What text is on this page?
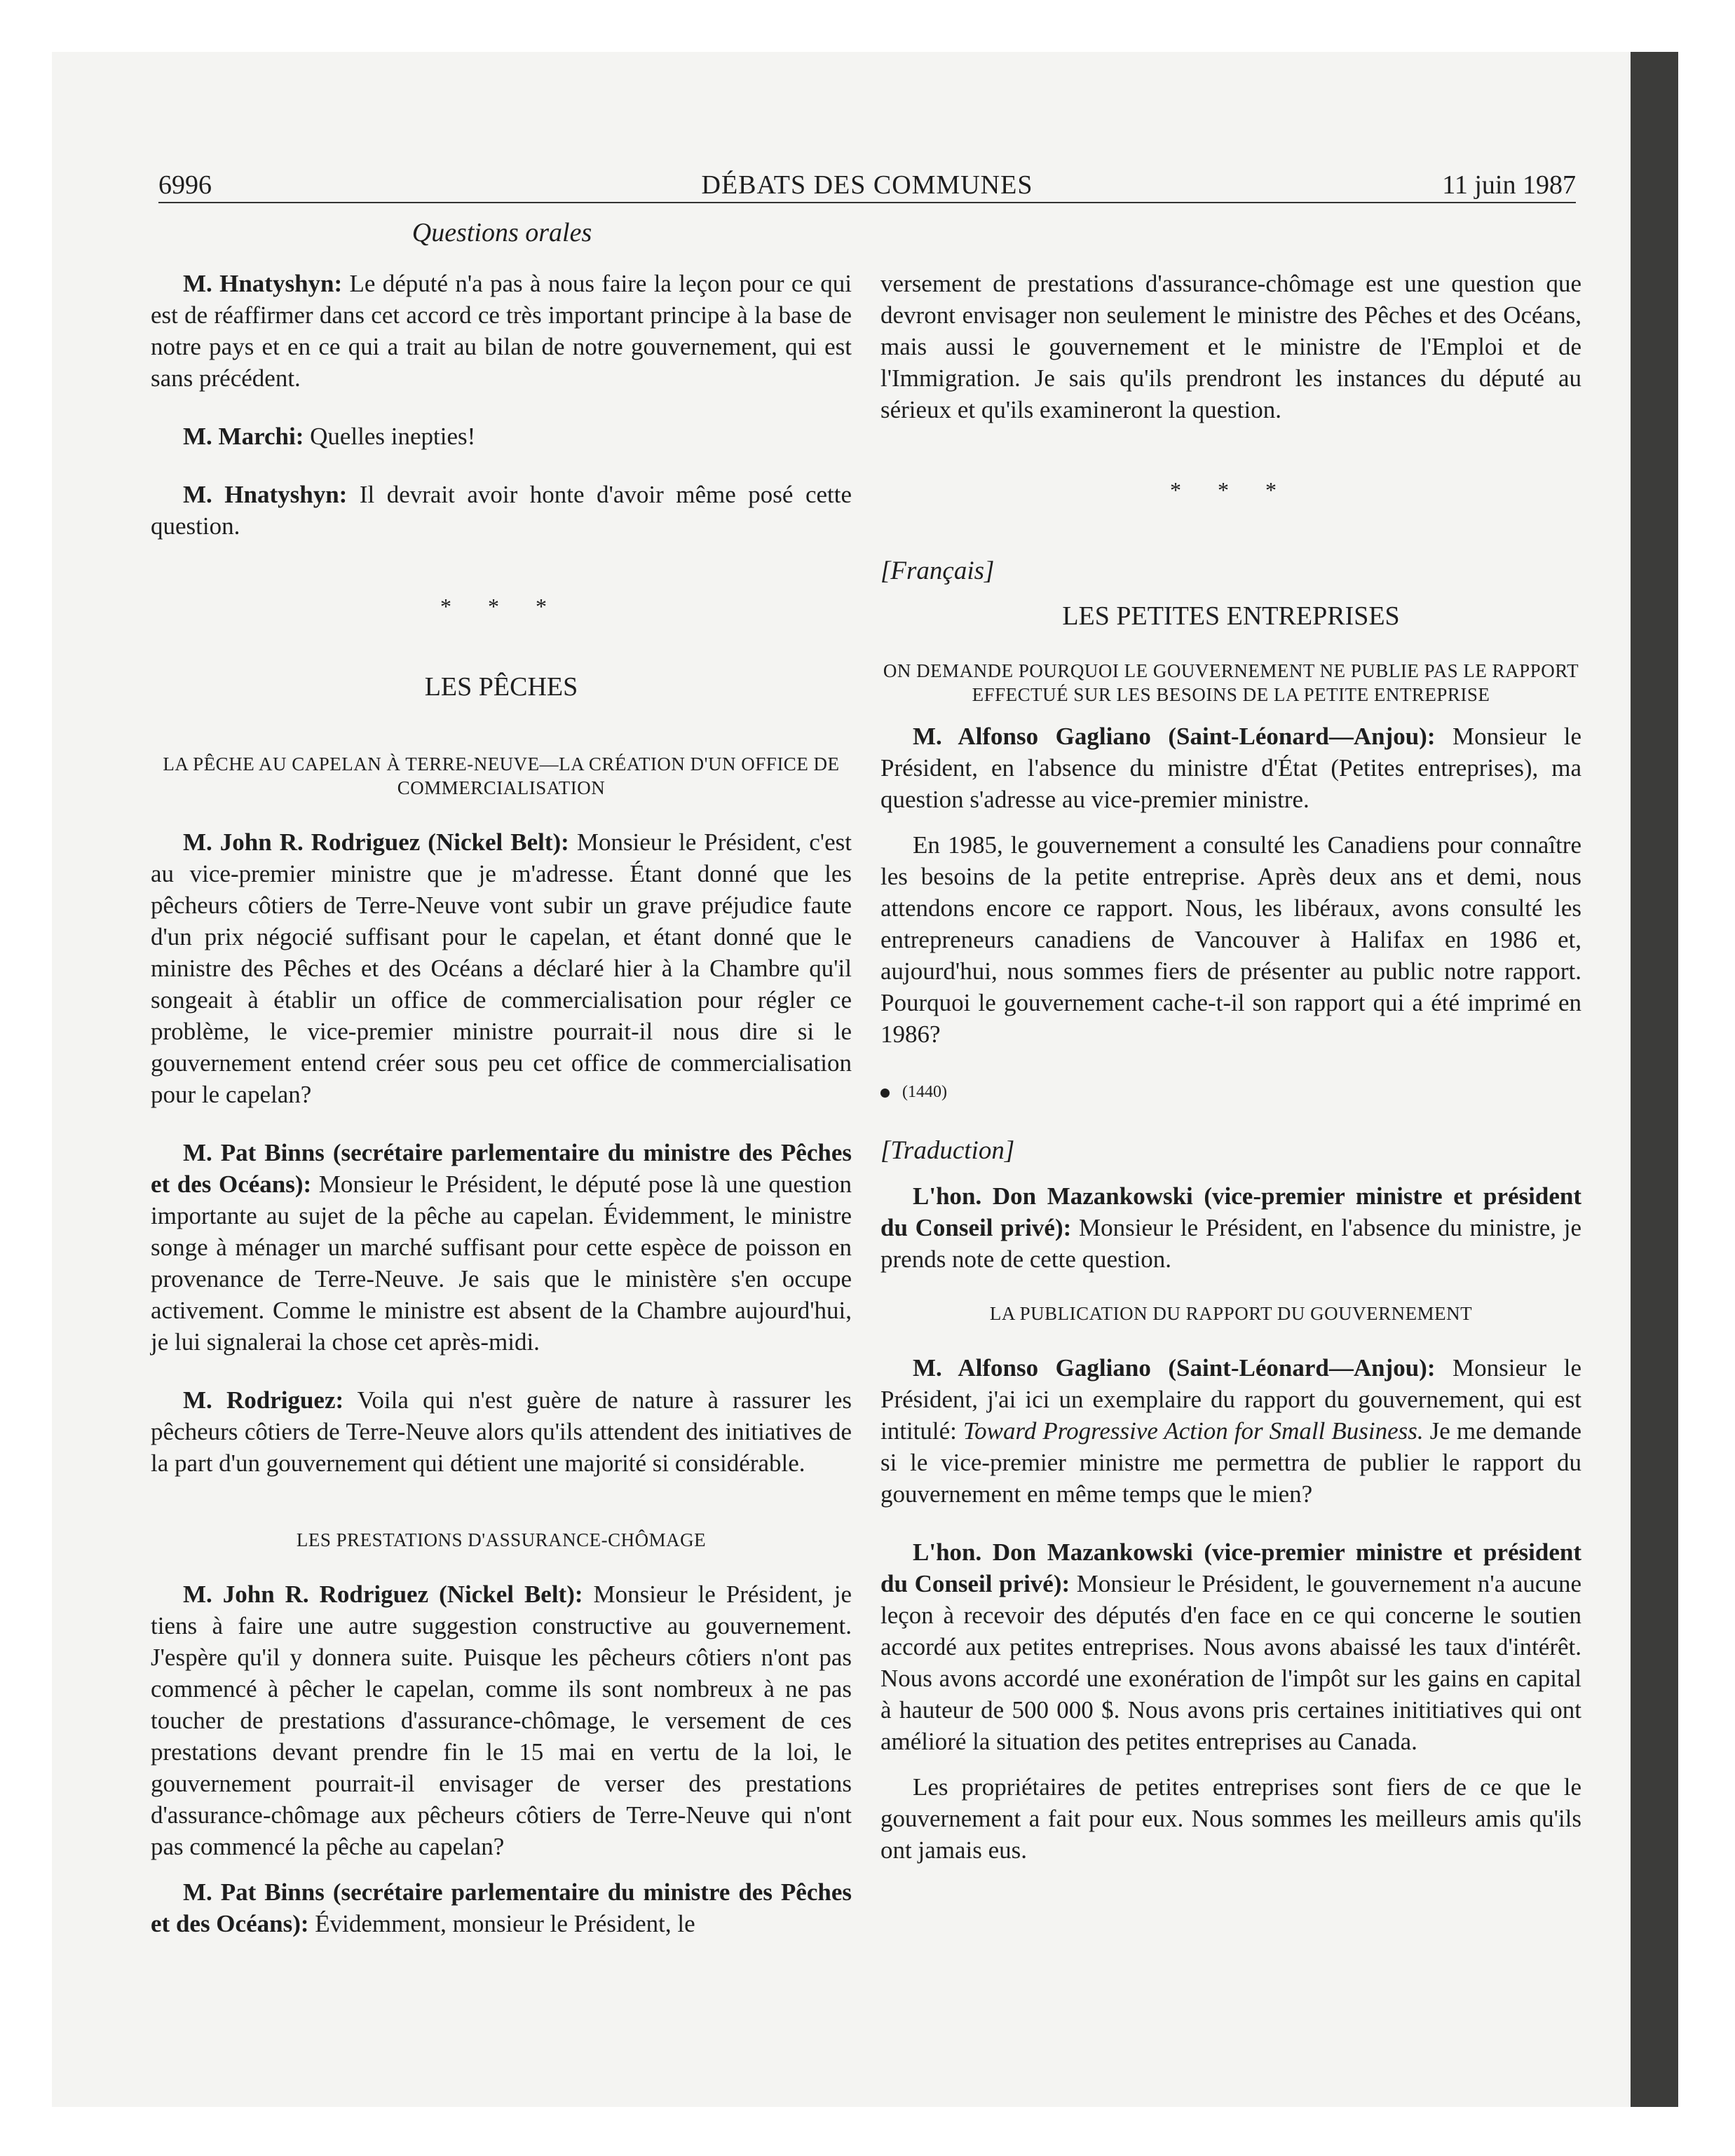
6996	DÉBATS DES COMMUNES	11 juin 1987
Questions orales

M. Hnatyshyn: Le député n'a pas à nous faire la leçon pour ce qui est de réaffirmer dans cet accord ce très important principe à la base de notre pays et en ce qui a trait au bilan de notre gouvernement, qui est sans précédent.

M. Marchi: Quelles inepties!

M. Hnatyshyn: Il devrait avoir honte d'avoir même posé cette question.

* * *

LES PÊCHES

LA PÊCHE AU CAPELAN À TERRE-NEUVE—LA CRÉATION D'UN OFFICE DE COMMERCIALISATION

M. John R. Rodriguez (Nickel Belt): Monsieur le Président, c'est au vice-premier ministre que je m'adresse. Étant donné que les pêcheurs côtiers de Terre-Neuve vont subir un grave préjudice faute d'un prix négocié suffisant pour le capelan, et étant donné que le ministre des Pêches et des Océans a déclaré hier à la Chambre qu'il songeait à établir un office de commercialisation pour régler ce problème, le vice-premier ministre pourrait-il nous dire si le gouvernement entend créer sous peu cet office de commercialisation pour le capelan?

M. Pat Binns (secrétaire parlementaire du ministre des Pêches et des Océans): Monsieur le Président, le député pose là une question importante au sujet de la pêche au capelan. Évidemment, le ministre songe à ménager un marché suffisant pour cette espèce de poisson en provenance de Terre-Neuve. Je sais que le ministère s'en occupe activement. Comme le ministre est absent de la Chambre aujourd'hui, je lui signalerai la chose cet après-midi.

M. Rodriguez: Voila qui n'est guère de nature à rassurer les pêcheurs côtiers de Terre-Neuve alors qu'ils attendent des initiatives de la part d'un gouvernement qui détient une majorité si considérable.

LES PRESTATIONS D'ASSURANCE-CHÔMAGE

M. John R. Rodriguez (Nickel Belt): Monsieur le Président, je tiens à faire une autre suggestion constructive au gouvernement. J'espère qu'il y donnera suite. Puisque les pêcheurs côtiers n'ont pas commencé à pêcher le capelan, comme ils sont nombreux à ne pas toucher de prestations d'assurance-chômage, le versement de ces prestations devant prendre fin le 15 mai en vertu de la loi, le gouvernement pourrait-il envisager de verser des prestations d'assurance-chômage aux pêcheurs côtiers de Terre-Neuve qui n'ont pas commencé la pêche au capelan?

M. Pat Binns (secrétaire parlementaire du ministre des Pêches et des Océans): Évidemment, monsieur le Président, le

versement de prestations d'assurance-chômage est une question que devront envisager non seulement le ministre des Pêches et des Océans, mais aussi le gouvernement et le ministre de l'Emploi et de l'Immigration. Je sais qu'ils prendront les instances du député au sérieux et qu'ils examineront la question.

* * *

[Français]

LES PETITES ENTREPRISES

ON DEMANDE POURQUOI LE GOUVERNEMENT NE PUBLIE PAS LE RAPPORT EFFECTUÉ SUR LES BESOINS DE LA PETITE ENTREPRISE

M. Alfonso Gagliano (Saint-Léonard—Anjou): Monsieur le Président, en l'absence du ministre d'État (Petites entreprises), ma question s'adresse au vice-premier ministre.

En 1985, le gouvernement a consulté les Canadiens pour connaître les besoins de la petite entreprise. Après deux ans et demi, nous attendons encore ce rapport. Nous, les libéraux, avons consulté les entrepreneurs canadiens de Vancouver à Halifax en 1986 et, aujourd'hui, nous sommes fiers de présenter au public notre rapport. Pourquoi le gouvernement cache-t-il son rapport qui a été imprimé en 1986?

(1440)

[Traduction]

L'hon. Don Mazankowski (vice-premier ministre et président du Conseil privé): Monsieur le Président, en l'absence du ministre, je prends note de cette question.

LA PUBLICATION DU RAPPORT DU GOUVERNEMENT

M. Alfonso Gagliano (Saint-Léonard—Anjou): Monsieur le Président, j'ai ici un exemplaire du rapport du gouvernement, qui est intitulé: Toward Progressive Action for Small Business. Je me demande si le vice-premier ministre me permettra de publier le rapport du gouvernement en même temps que le mien?

L'hon. Don Mazankowski (vice-premier ministre et président du Conseil privé): Monsieur le Président, le gouvernement n'a aucune leçon à recevoir des députés d'en face en ce qui concerne le soutien accordé aux petites entreprises. Nous avons abaissé les taux d'intérêt. Nous avons accordé une exonération de l'impôt sur les gains en capital à hauteur de 500 000 $. Nous avons pris certaines inititiatives qui ont amélioré la situation des petites entreprises au Canada.

Les propriétaires de petites entreprises sont fiers de ce que le gouvernement a fait pour eux. Nous sommes les meilleurs amis qu'ils ont jamais eus.
